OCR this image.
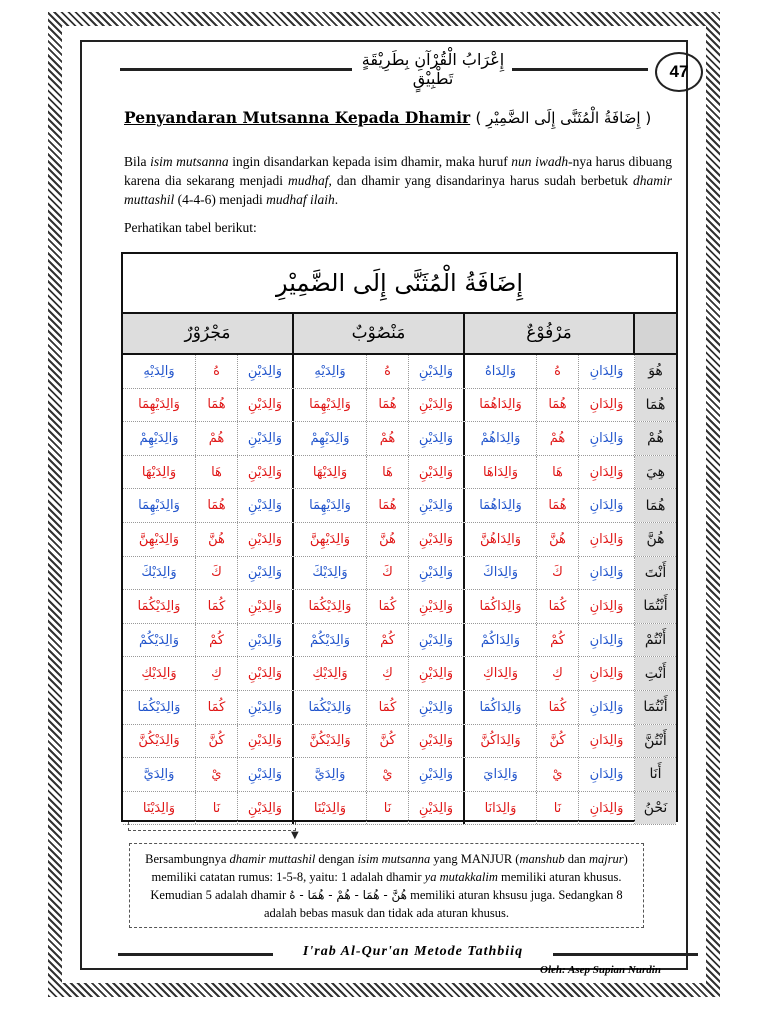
إِعْرَابُ الْقُرْآنِ بِطَرِيْقَةٍ تَطْبِيْقٍ	47
Penyandaran Mutsanna Kepada Dhamir ( إِضَافَةُ الْمُثَنَّى إِلَى الضَّمِيْرِ )
Bila isim mutsanna ingin disandarkan kepada isim dhamir, maka huruf nun iwadh-nya harus dibuang karena dia sekarang menjadi mudhaf, dan dhamir yang disandarinya harus sudah berbetuk dhamir muttashil (4-4-6) menjadi mudhaf ilaih.
Perhatikan tabel berikut:
إِضَافَةُ الْمُثَنَّى إِلَى الضَّمِيْرِ
مَجْرُوْرٌ	مَنْصُوْبٌ	مَرْفُوْعٌ
وَالِدَيْهِ	هُ	وَالِدَيْنِ	وَالِدَيْهِ	هُ	وَالِدَيْنِ	وَالِدَاهُ	هُ	وَالِدَانِ	هُوَ
وَالِدَيْهِمَا	هُمَا	وَالِدَيْنِ	وَالِدَيْهِمَا	هُمَا	وَالِدَيْنِ	وَالِدَاهُمَا	هُمَا	وَالِدَانِ	هُمَا
وَالِدَيْهِمْ	هُمْ	وَالِدَيْنِ	وَالِدَيْهِمْ	هُمْ	وَالِدَيْنِ	وَالِدَاهُمْ	هُمْ	وَالِدَانِ	هُمْ
وَالِدَيْهَا	هَا	وَالِدَيْنِ	وَالِدَيْهَا	هَا	وَالِدَيْنِ	وَالِدَاهَا	هَا	وَالِدَانِ	هِيَ
وَالِدَيْهِمَا	هُمَا	وَالِدَيْنِ	وَالِدَيْهِمَا	هُمَا	وَالِدَيْنِ	وَالِدَاهُمَا	هُمَا	وَالِدَانِ	هُمَا
وَالِدَيْهِنَّ	هُنَّ	وَالِدَيْنِ	وَالِدَيْهِنَّ	هُنَّ	وَالِدَيْنِ	وَالِدَاهُنَّ	هُنَّ	وَالِدَانِ	هُنَّ
وَالِدَيْكَ	كَ	وَالِدَيْنِ	وَالِدَيْكَ	كَ	وَالِدَيْنِ	وَالِدَاكَ	كَ	وَالِدَانِ	أَنْتَ
وَالِدَيْكُمَا	كُمَا	وَالِدَيْنِ	وَالِدَيْكُمَا	كُمَا	وَالِدَيْنِ	وَالِدَاكُمَا	كُمَا	وَالِدَانِ	أَنْتُمَا
وَالِدَيْكُمْ	كُمْ	وَالِدَيْنِ	وَالِدَيْكُمْ	كُمْ	وَالِدَيْنِ	وَالِدَاكُمْ	كُمْ	وَالِدَانِ	أَنْتُمْ
وَالِدَيْكِ	كِ	وَالِدَيْنِ	وَالِدَيْكِ	كِ	وَالِدَيْنِ	وَالِدَاكِ	كِ	وَالِدَانِ	أَنْتِ
وَالِدَيْكُمَا	كُمَا	وَالِدَيْنِ	وَالِدَيْكُمَا	كُمَا	وَالِدَيْنِ	وَالِدَاكُمَا	كُمَا	وَالِدَانِ	أَنْتُمَا
وَالِدَيْكُنَّ	كُنَّ	وَالِدَيْنِ	وَالِدَيْكُنَّ	كُنَّ	وَالِدَيْنِ	وَالِدَاكُنَّ	كُنَّ	وَالِدَانِ	أَنْتُنَّ
وَالِدَيَّ	يْ	وَالِدَيْنِ	وَالِدَيَّ	يْ	وَالِدَيْنِ	وَالِدَايَ	يْ	وَالِدَانِ	أَنَا
وَالِدَيْنَا	نَا	وَالِدَيْنِ	وَالِدَيْنَا	نَا	وَالِدَيْنِ	وَالِدَانَا	نَا	وَالِدَانِ	نَحْنُ
▼
Bersambungnya dhamir muttashil dengan isim mutsanna yang MANJUR (manshub dan majrur) memiliki catatan rumus: 1-5-8, yaitu: 1 adalah dhamir ya mutakkalim memiliki aturan khusus. Kemudian 5 adalah dhamir هُنَّ - هُمَا - هُمْ - هُمَا - هُ memiliki aturan khsusu juga. Sedangkan 8 adalah bebas masuk dan tidak ada aturan khusus.
I'rab Al-Qur'an Metode Tathbiiq
Oleh: Asep Supian Nurdin
